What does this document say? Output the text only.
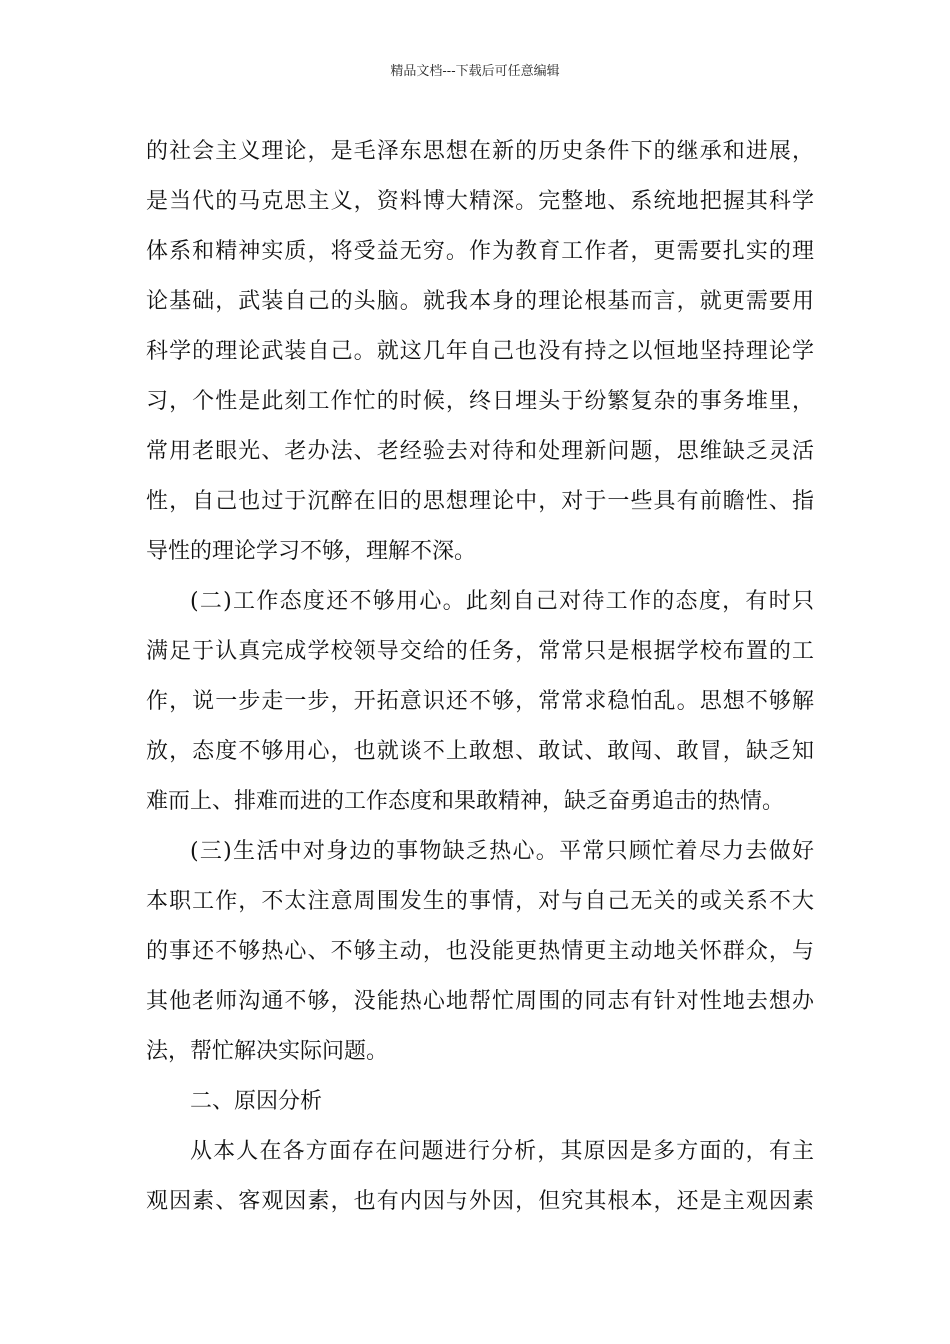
精品文档---下载后可任意编辑
的社会主义理论，是毛泽东思想在新的历史条件下的继承和进展，
是当代的马克思主义，资料博大精深。完整地、系统地把握其科学
体系和精神实质，将受益无穷。作为教育工作者，更需要扎实的理
论基础，武装自己的头脑。就我本身的理论根基而言，就更需要用
科学的理论武装自己。就这几年自己也没有持之以恒地坚持理论学
习，个性是此刻工作忙的时候，终日埋头于纷繁复杂的事务堆里，
常用老眼光、老办法、老经验去对待和处理新问题，思维缺乏灵活
性，自己也过于沉醉在旧的思想理论中，对于一些具有前瞻性、指
导性的理论学习不够，理解不深。
(二)工作态度还不够用心。此刻自己对待工作的态度，有时只
满足于认真完成学校领导交给的任务，常常只是根据学校布置的工
作，说一步走一步，开拓意识还不够，常常求稳怕乱。思想不够解
放，态度不够用心，也就谈不上敢想、敢试、敢闯、敢冒，缺乏知
难而上、排难而进的工作态度和果敢精神，缺乏奋勇追击的热情。
(三)生活中对身边的事物缺乏热心。平常只顾忙着尽力去做好
本职工作，不太注意周围发生的事情，对与自己无关的或关系不大
的事还不够热心、不够主动，也没能更热情更主动地关怀群众，与
其他老师沟通不够，没能热心地帮忙周围的同志有针对性地去想办
法，帮忙解决实际问题。
二、原因分析
从本人在各方面存在问题进行分析，其原因是多方面的，有主
观因素、客观因素，也有内因与外因，但究其根本，还是主观因素
